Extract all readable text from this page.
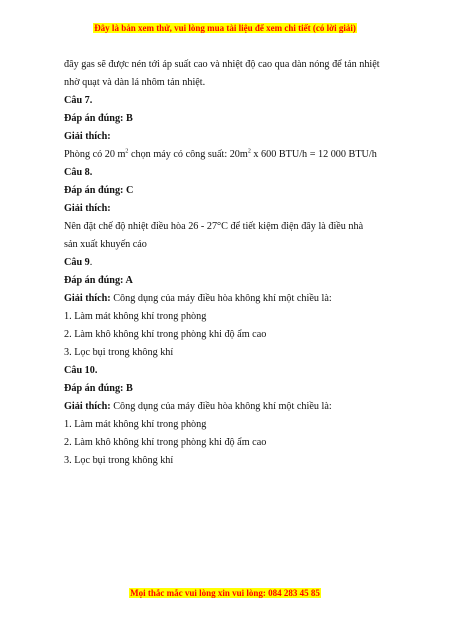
Đây là bản xem thử, vui lòng mua tài liệu để xem chi tiết (có lời giải)
đây gas sẽ được nén tới áp suất cao và nhiệt độ cao qua dàn nóng để tản nhiệt
nhờ quạt và dàn lá nhôm tản nhiệt.
Câu 7.
Đáp án đúng: B
Giải thích:
Phòng có 20 $m^2$ chọn máy có công suất: $20m^2$ x 600 BTU/h = 12 000 BTU/h
Câu 8.
Đáp án đúng: C
Giải thích:
Nên đặt chế độ nhiệt điều hòa 26 - 27°C để tiết kiệm điện đây là điều nhà
sản xuất khuyến cáo
Câu 9.
Đáp án đúng: A
Giải thích: Công dụng của máy điều hòa không khí một chiều là:
1. Làm mát không khí trong phòng
2. Làm khô không khí trong phòng khi độ ẩm cao
3. Lọc bụi trong không khí
Câu 10.
Đáp án đúng: B
Giải thích: Công dụng của máy điều hòa không khí một chiều là:
1. Làm mát không khí trong phòng
2. Làm khô không khí trong phòng khi độ ẩm cao
3. Lọc bụi trong không khí
Mọi thắc mắc vui lòng xin vui lòng: 084 283 45 85
